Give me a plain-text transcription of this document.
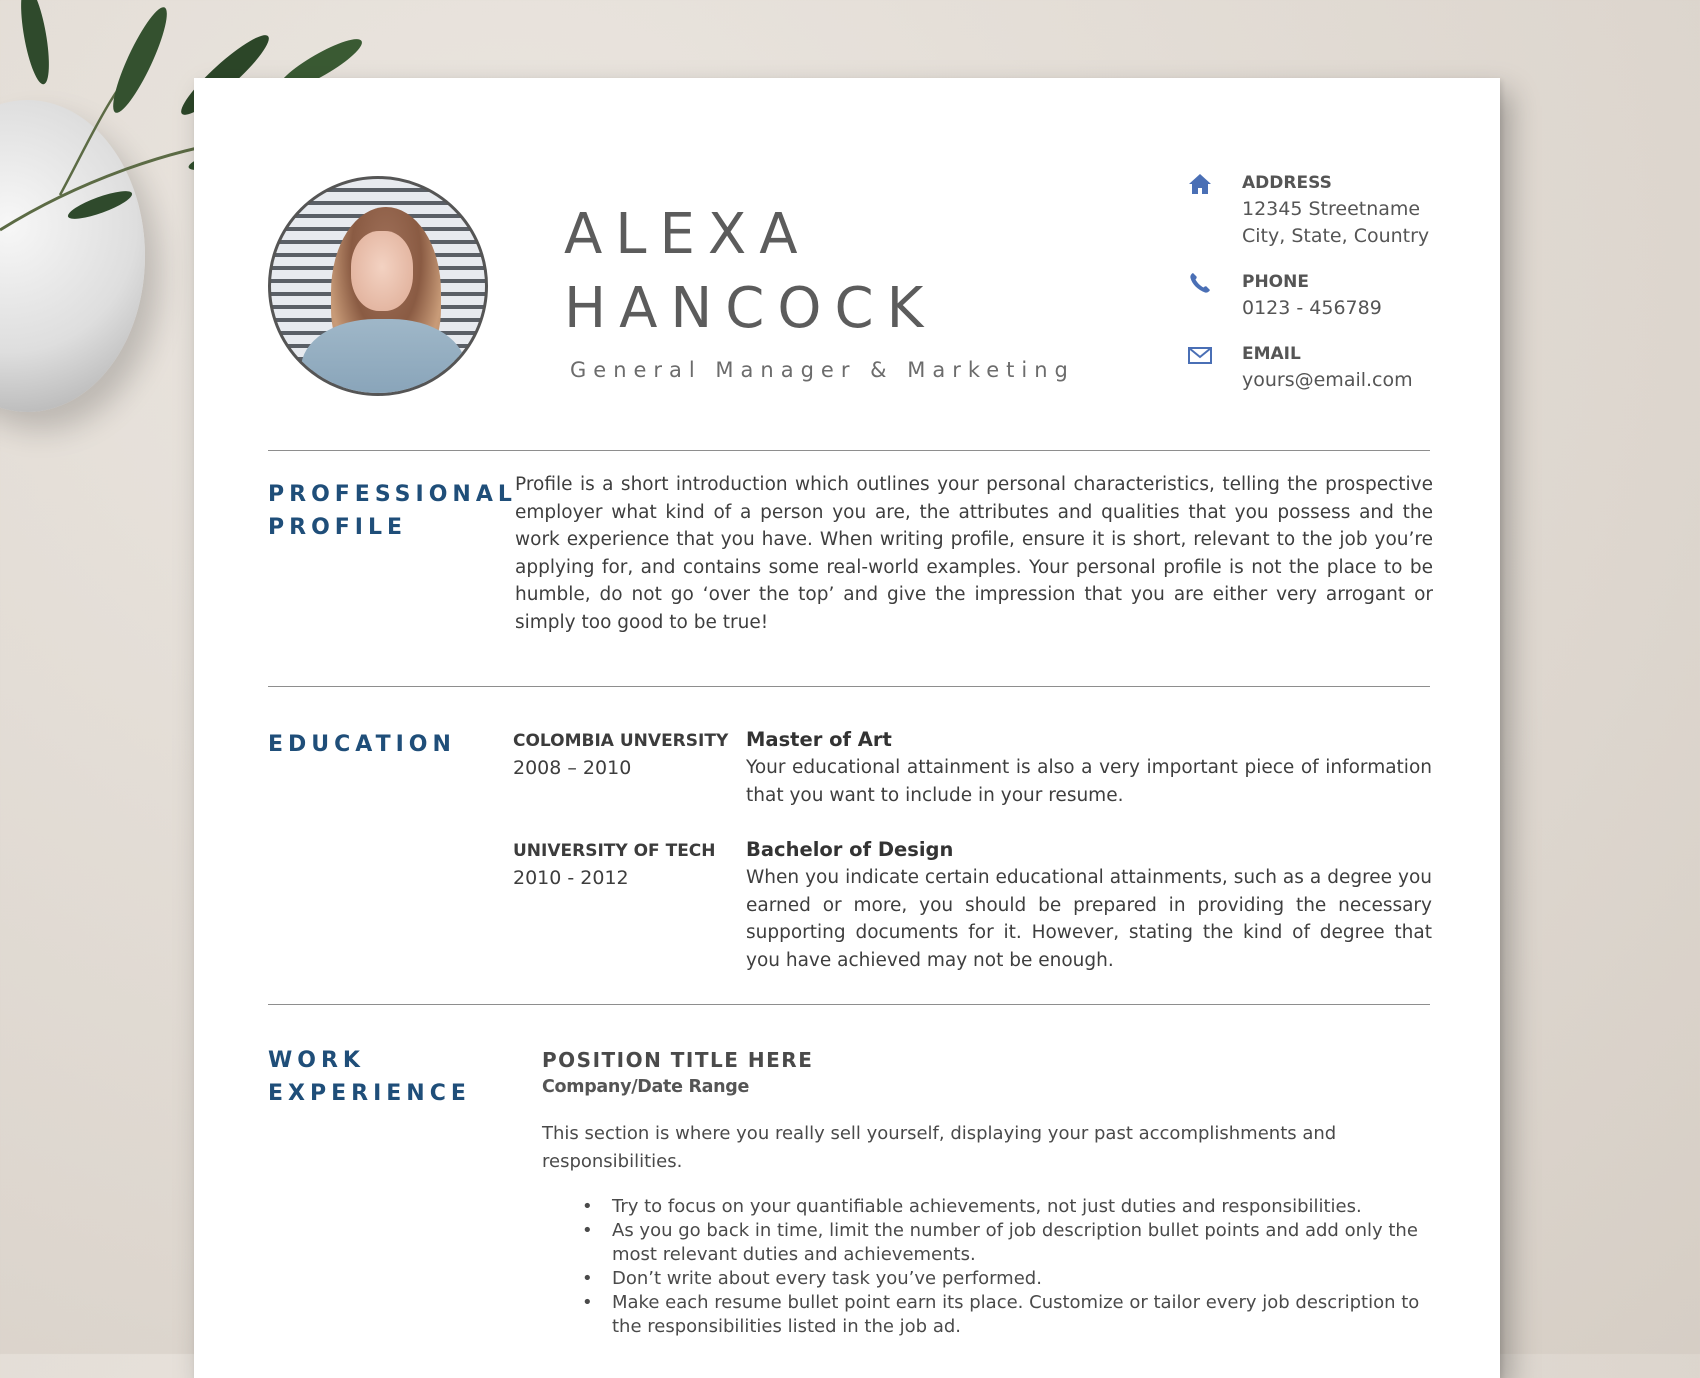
ALEXA
HANCOCK
General Manager & Marketing
ADDRESS
12345 Streetname
City, State, Country
PHONE
0123 - 456789
EMAIL
yours@email.com
PROFESSIONAL
PROFILE

Profile is a short introduction which outlines your personal characteristics, telling the prospective employer what kind of a person you are, the attributes and qualities that you possess and the work experience that you have. When writing profile, ensure it is short, relevant to the job you’re applying for, and contains some real-world examples. Your personal profile is not the place to be humble, do not go ‘over the top’ and give the impression that you are either very arrogant or simply too good to be true!

EDUCATION	COLOMBIA UNVERSITY
2008 – 2010
Master of Art
Your educational attainment is also a very important piece of information that you want to include in your resume.
UNIVERSITY OF TECH
2010 - 2012
Bachelor of Design
When you indicate certain educational attainments, such as a degree you earned or more, you should be prepared in providing the necessary supporting documents for it. However, stating the kind of degree that you have achieved may not be enough.
WORK
EXPERIENCE
POSITION TITLE HERE
Company/Date Range
This section is where you really sell yourself, displaying your past accomplishments and responsibilities.
• Try to focus on your quantifiable achievements, not just duties and responsibilities.
• As you go back in time, limit the number of job description bullet points and add only the most relevant duties and achievements.
• Don’t write about every task you’ve performed.
• Make each resume bullet point earn its place. Customize or tailor every job description to the responsibilities listed in the job ad.
